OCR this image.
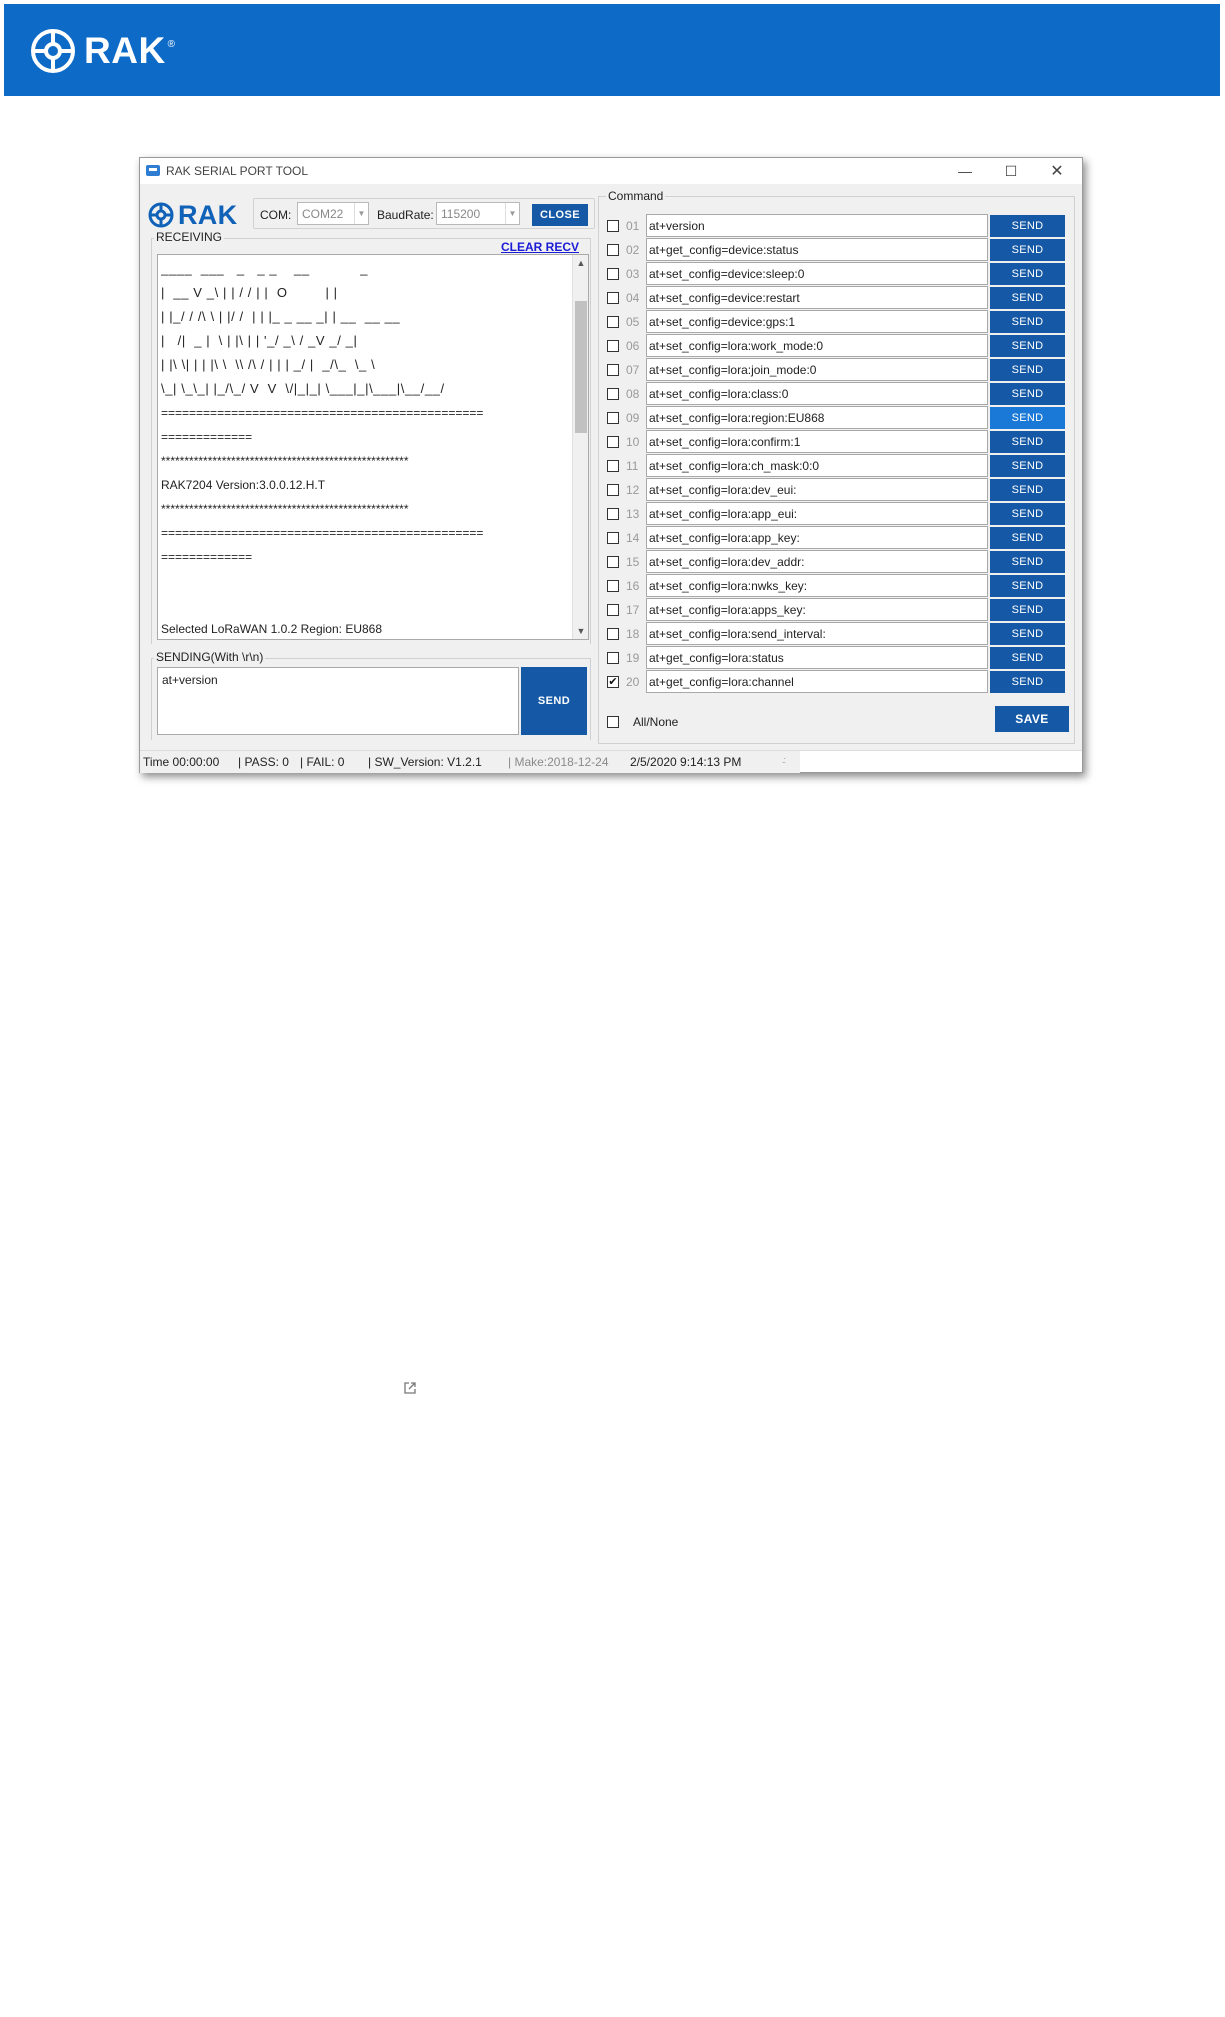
RAK ®
RAK SERIAL PORT TOOL	—	☐	✕
RAK COM: COM22	▼ BaudRate: 115200	▼	CLOSE
RECEIVING
CLEAR RECV
____  ___   _   _ _    __            _
|  __ V _\ | | / / | |  O         | |
| |_/ / /\ \ | |/ /  | | |_ _ __ _| | __  __ __
|   /|  _ |  \ | |\ | | '_/ _\ / _V _/ _|
| |\ \| | | |\ \  \\ /\ / | | | _/ |  _/\_  \_ \
\_| \_\_| |_/\_/ V  V  \/|_|_| \___|_|\___|\__/__/
==============================================
=============
*****************************************************
RAK7204 Version:3.0.0.12.H.T
*****************************************************
==============================================
=============
Selected LoRaWAN 1.0.2 Region: EU868
▲
▼
SENDING(With \r\n)
at+version
SEND
Command
01 at+version	SEND
02 at+get_config=device:status	SEND
03 at+set_config=device:sleep:0	SEND
04 at+set_config=device:restart	SEND
05 at+set_config=device:gps:1	SEND
06 at+set_config=lora:work_mode:0	SEND
07 at+set_config=lora:join_mode:0	SEND
08 at+set_config=lora:class:0	SEND
09 at+set_config=lora:region:EU868	SEND
10 at+set_config=lora:confirm:1	SEND
11 at+set_config=lora:ch_mask:0:0	SEND
12 at+set_config=lora:dev_eui:	SEND
13 at+set_config=lora:app_eui:	SEND
14 at+set_config=lora:app_key:	SEND
15 at+set_config=lora:dev_addr:	SEND
16 at+set_config=lora:nwks_key:	SEND
17 at+set_config=lora:apps_key:	SEND
18 at+set_config=lora:send_interval:	SEND
19 at+get_config=lora:status	SEND
✔ 20 at+get_config=lora:channel	SEND
All/None	SAVE
Time 00:00:00 | PASS: 0 | FAIL: 0 | SW_Version: V1.2.1 | Make:2018-12-24 2/5/2020 9:14:13 PM	.:
